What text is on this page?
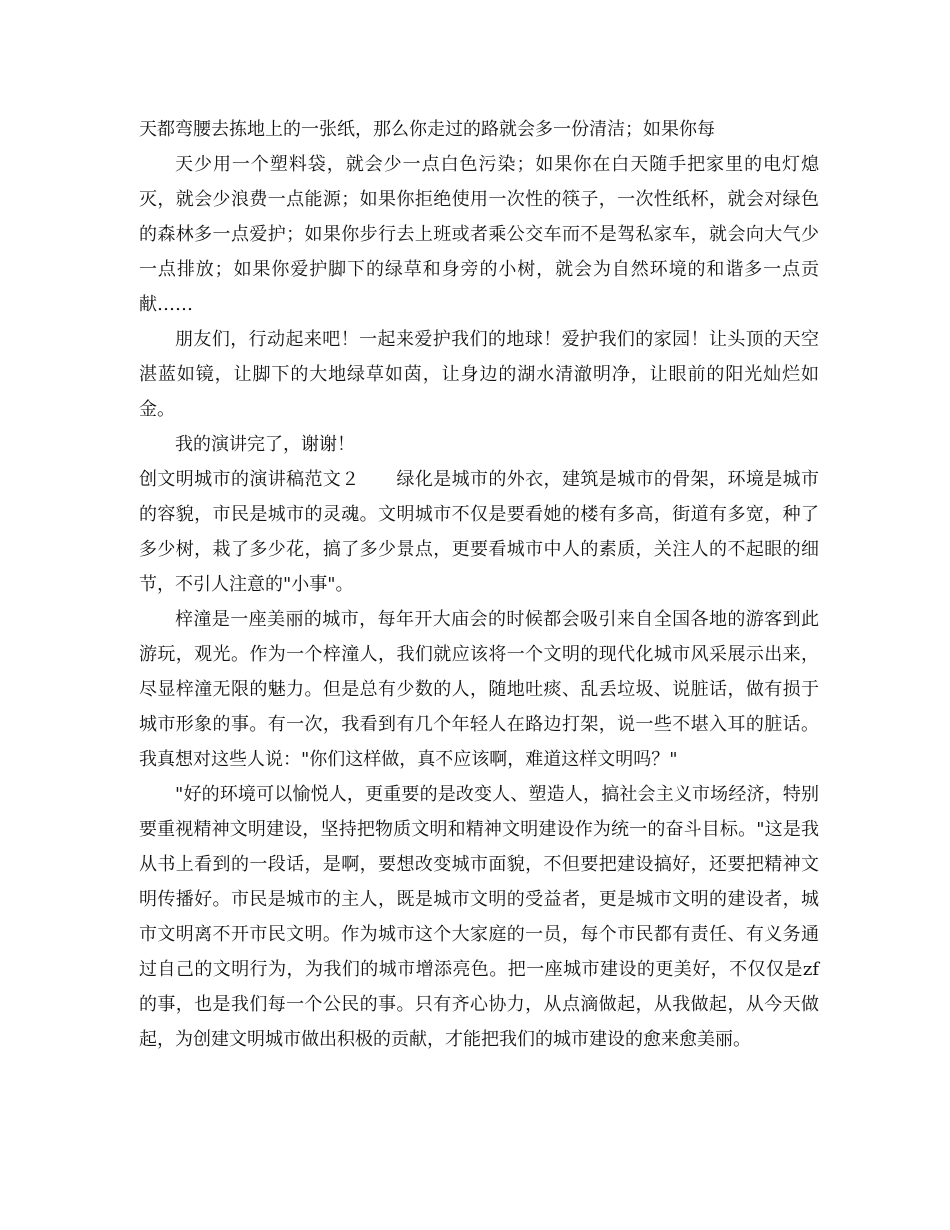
天都弯腰去拣地上的一张纸，那么你走过的路就会多一份清洁；如果你每

天少用一个塑料袋，就会少一点白色污染；如果你在白天随手把家里的电灯熄灭，就会少浪费一点能源；如果你拒绝使用一次性的筷子，一次性纸杯，就会对绿色的森林多一点爱护；如果你步行去上班或者乘公交车而不是驾私家车，就会向大气少一点排放；如果你爱护脚下的绿草和身旁的小树，就会为自然环境的和谐多一点贡献……

朋友们，行动起来吧！一起来爱护我们的地球！爱护我们的家园！让头顶的天空湛蓝如镜，让脚下的大地绿草如茵，让身边的湖水清澈明净，让眼前的阳光灿烂如金。

我的演讲完了，谢谢！

创文明城市的演讲稿范文２　　绿化是城市的外衣，建筑是城市的骨架，环境是城市的容貌，市民是城市的灵魂。文明城市不仅是要看她的楼有多高，街道有多宽，种了多少树，栽了多少花，搞了多少景点，更要看城市中人的素质，关注人的不起眼的细节，不引人注意的"小事"。

梓潼是一座美丽的城市，每年开大庙会的时候都会吸引来自全国各地的游客到此游玩，观光。作为一个梓潼人，我们就应该将一个文明的现代化城市风采展示出来，尽显梓潼无限的魅力。但是总有少数的人，随地吐痰、乱丢垃圾、说脏话，做有损于城市形象的事。有一次，我看到有几个年轻人在路边打架，说一些不堪入耳的脏话。我真想对这些人说："你们这样做，真不应该啊，难道这样文明吗？"

"好的环境可以愉悦人，更重要的是改变人、塑造人，搞社会主义市场经济，特别要重视精神文明建设，坚持把物质文明和精神文明建设作为统一的奋斗目标。"这是我从书上看到的一段话，是啊，要想改变城市面貌，不但要把建设搞好，还要把精神文明传播好。市民是城市的主人，既是城市文明的受益者，更是城市文明的建设者，城市文明离不开市民文明。作为城市这个大家庭的一员，每个市民都有责任、有义务通过自己的文明行为，为我们的城市增添亮色。把一座城市建设的更美好，不仅仅是zf的事，也是我们每一个公民的事。只有齐心协力，从点滴做起，从我做起，从今天做起，为创建文明城市做出积极的贡献，才能把我们的城市建设的愈来愈美丽。
